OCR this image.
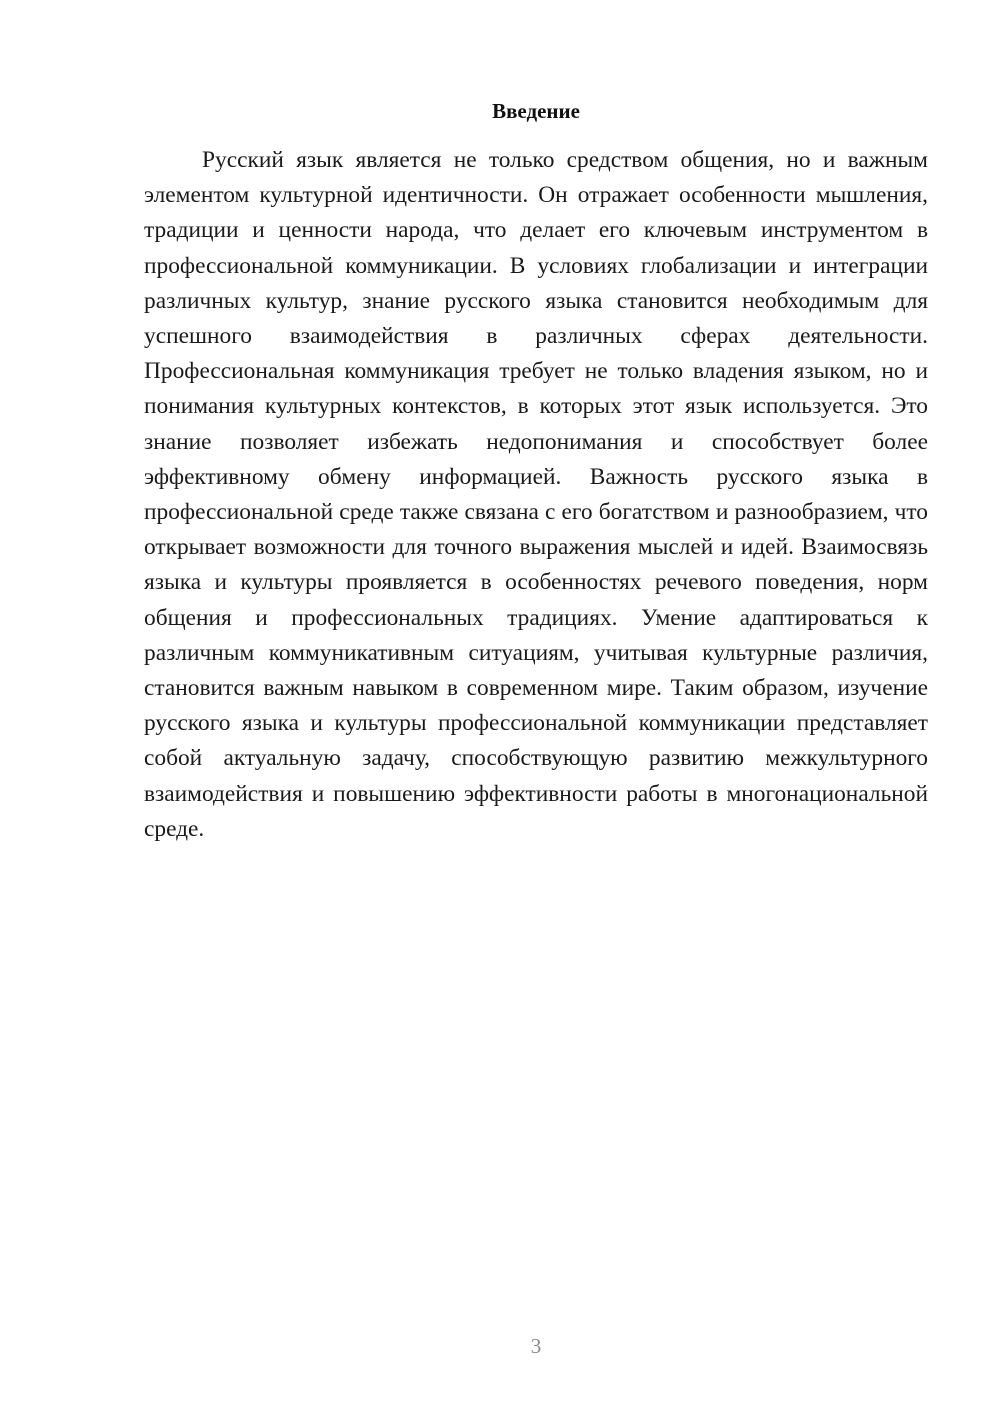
Введение

Русский язык является не только средством общения, но и важным элементом культурной идентичности. Он отражает особенности мышления, традиции и ценности народа, что делает его ключевым инструментом в профессиональной коммуникации. В условиях глобализации и интеграции различных культур, знание русского языка становится необходимым для успешного взаимодействия в различных сферах деятельности. Профессиональная коммуникация требует не только владения языком, но и понимания культурных контекстов, в которых этот язык используется. Это знание позволяет избежать недопонимания и способствует более эффективному обмену информацией. Важность русского языка в профессиональной среде также связана с его богатством и разнообразием, что открывает возможности для точного выражения мыслей и идей. Взаимосвязь языка и культуры проявляется в особенностях речевого поведения, норм общения и профессиональных традициях. Умение адаптироваться к различным коммуникативным ситуациям, учитывая культурные различия, становится важным навыком в современном мире. Таким образом, изучение русского языка и культуры профессиональной коммуникации представляет собой актуальную задачу, способствующую развитию межкультурного взаимодействия и повышению эффективности работы в многонациональной среде.

3
